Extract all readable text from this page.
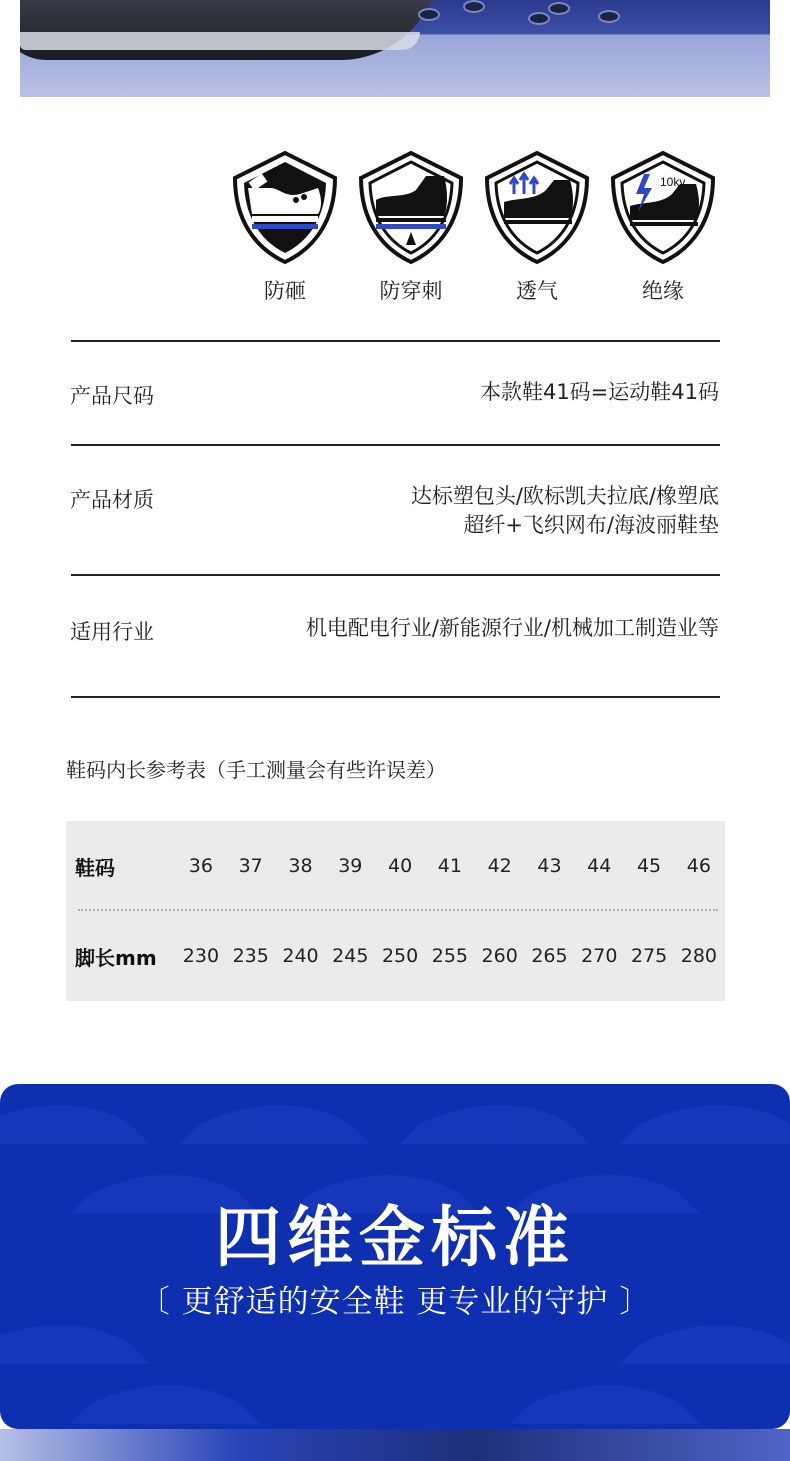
防砸	防穿刺	透气
10kv
绝缘
产品尺码	本款鞋41码=运动鞋41码
产品材质	达标塑包头/欧标凯夫拉底/橡塑底
超纤+飞织网布/海波丽鞋垫
适用行业	机电配电行业/新能源行业/机械加工制造业等
鞋码内长参考表（手工测量会有些许误差）
鞋码	36	37	38	39	40	41	42	43	44	45	46
脚长mm	230 235 240 245 250 255 260 265 270 275 280
四维金标准
〔 更舒适的安全鞋 更专业的守护 〕
